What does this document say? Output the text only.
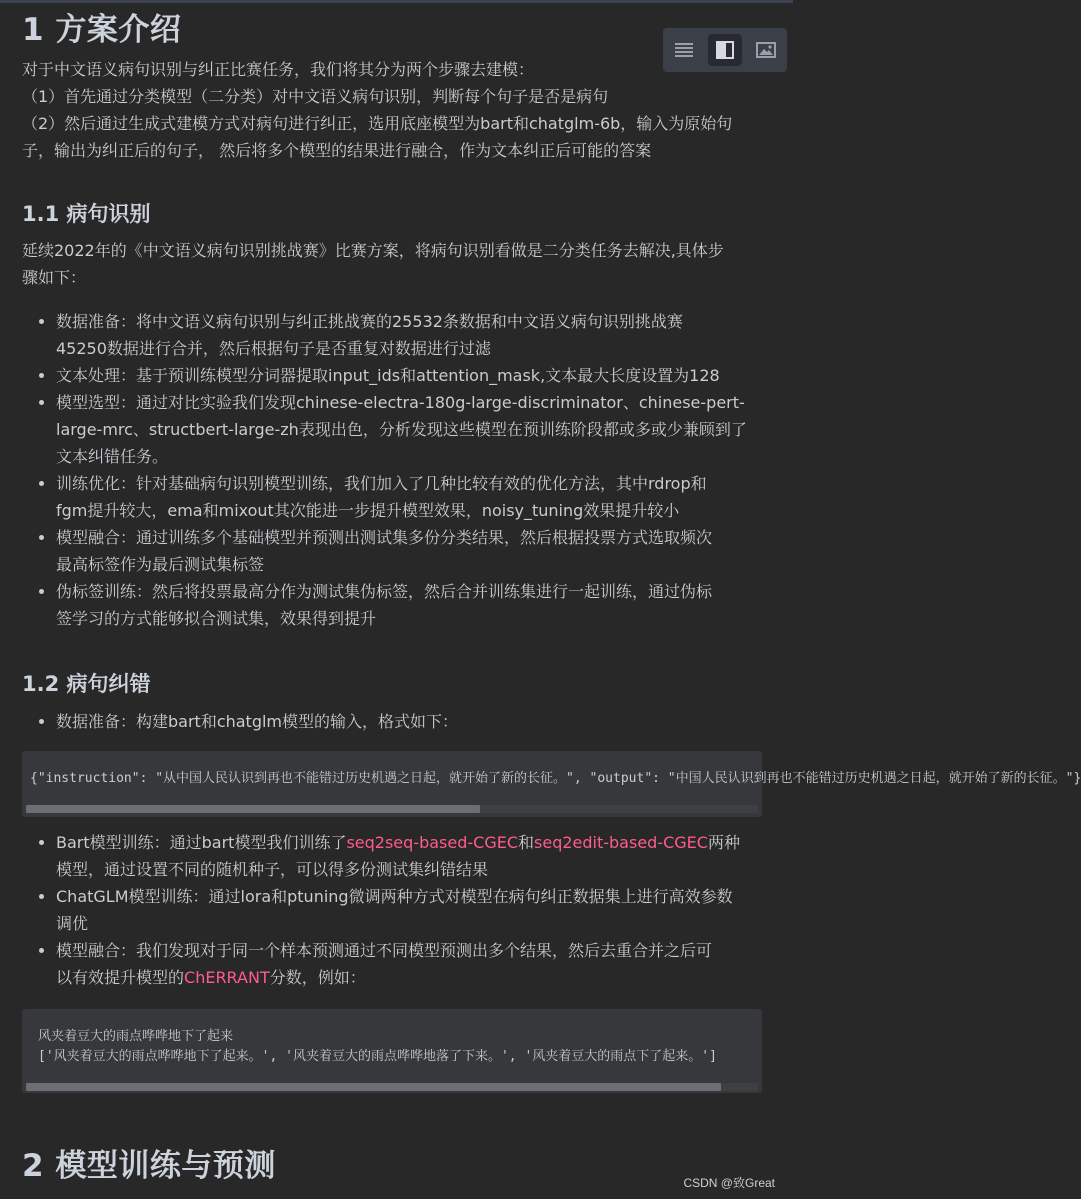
1 方案介绍

对于中文语义病句识别与纠正比赛任务，我们将其分为两个步骤去建模：

（1）首先通过分类模型（二分类）对中文语义病句识别，判断每个句子是否是病句

（2）然后通过生成式建模方式对病句进行纠正，选用底座模型为bart和chatglm-6b，输入为原始句

子，输出为纠正后的句子， 然后将多个模型的结果进行融合，作为文本纠正后可能的答案

1.1 病句识别

延续2022年的《中文语义病句识别挑战赛》比赛方案，将病句识别看做是二分类任务去解决,具体步

骤如下：

• 数据准备：将中文语义病句识别与纠正挑战赛的25532条数据和中文语义病句识别挑战赛
45250数据进行合并，然后根据句子是否重复对数据进行过滤
• 文本处理：基于预训练模型分词器提取input_ids和attention_mask,文本最大长度设置为128
• 模型选型：通过对比实验我们发现chinese-electra-180g-large-discriminator、chinese-pert-
large-mrc、structbert-large-zh表现出色，分析发现这些模型在预训练阶段都或多或少兼顾到了
文本纠错任务。
• 训练优化：针对基础病句识别模型训练，我们加入了几种比较有效的优化方法，其中rdrop和
fgm提升较大，ema和mixout其次能进一步提升模型效果，noisy_tuning效果提升较小
• 模型融合：通过训练多个基础模型并预测出测试集多份分类结果，然后根据投票方式选取频次
最高标签作为最后测试集标签
• 伪标签训练：然后将投票最高分作为测试集伪标签，然后合并训练集进行一起训练，通过伪标
签学习的方式能够拟合测试集，效果得到提升
1.2 病句纠错
• 数据准备：构建bart和chatglm模型的输入，格式如下：

{"instruction": "从中国人民认识到再也不能错过历史机遇之日起，就开始了新的长征。", "output": "中国人民认识到再也不能错过历史机遇之日起，就开始了新的长征。"}

• Bart模型训练：通过bart模型我们训练了seq2seq-based-CGEC和seq2edit-based-CGEC两种
模型，通过设置不同的随机种子，可以得多份测试集纠错结果
• ChatGLM模型训练：通过lora和ptuning微调两种方式对模型在病句纠正数据集上进行高效参数
调优
• 模型融合：我们发现对于同一个样本预测通过不同模型预测出多个结果，然后去重合并之后可
以有效提升模型的ChERRANT分数，例如：

风夹着豆大的雨点哗哗地下了起来

['风夹着豆大的雨点哗哗地下了起来。', '风夹着豆大的雨点哗哗地落了下来。', '风夹着豆大的雨点下了起来。']

2 模型训练与预测	CSDN @致Great
